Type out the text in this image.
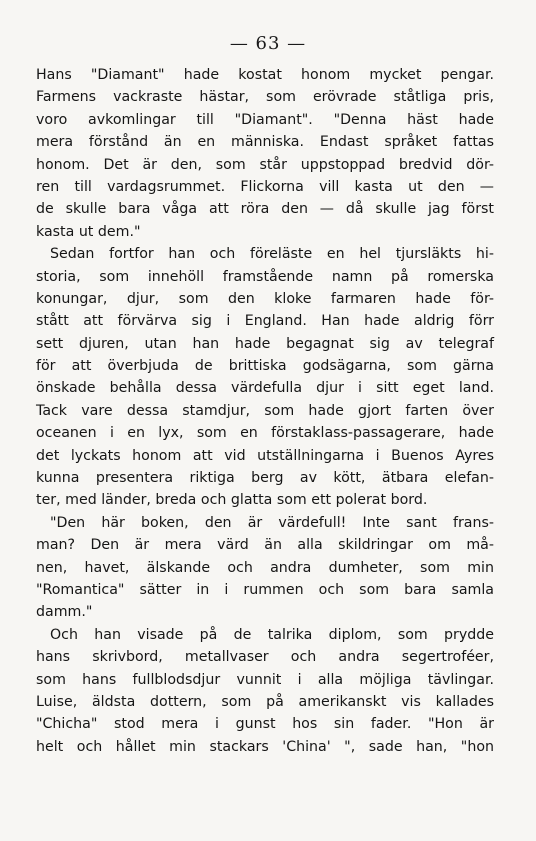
— 63 —
Hans "Diamant" hade kostat honom mycket pengar.
Farmens vackraste hästar, som erövrade ståtliga pris,
voro avkomlingar till "Diamant". "Denna häst hade
mera förstånd än en människa. Endast språket fattas
honom. Det är den, som står uppstoppad bredvid dör-
ren till vardagsrummet. Flickorna vill kasta ut den —
de skulle bara våga att röra den — då skulle jag först
kasta ut dem."
Sedan fortfor han och föreläste en hel tjursläkts hi-
storia, som innehöll framstående namn på romerska
konungar, djur, som den kloke farmaren hade för-
stått att förvärva sig i England. Han hade aldrig förr
sett djuren, utan han hade begagnat sig av telegraf
för att överbjuda de brittiska godsägarna, som gärna
önskade behålla dessa värdefulla djur i sitt eget land.
Tack vare dessa stamdjur, som hade gjort farten över
oceanen i en lyx, som en förstaklass-passagerare, hade
det lyckats honom att vid utställningarna i Buenos Ayres
kunna presentera riktiga berg av kött, ätbara elefan-
ter, med länder, breda och glatta som ett polerat bord.
"Den här boken, den är värdefull! Inte sant frans-
man? Den är mera värd än alla skildringar om må-
nen, havet, älskande och andra dumheter, som min
"Romantica" sätter in i rummen och som bara samla
damm."
Och han visade på de talrika diplom, som prydde
hans skrivbord, metallvaser och andra segertroféer,
som hans fullblodsdjur vunnit i alla möjliga tävlingar.
Luise, äldsta dottern, som på amerikanskt vis kallades
"Chicha" stod mera i gunst hos sin fader. "Hon är
helt och hållet min stackars 'China' ", sade han, "hon
